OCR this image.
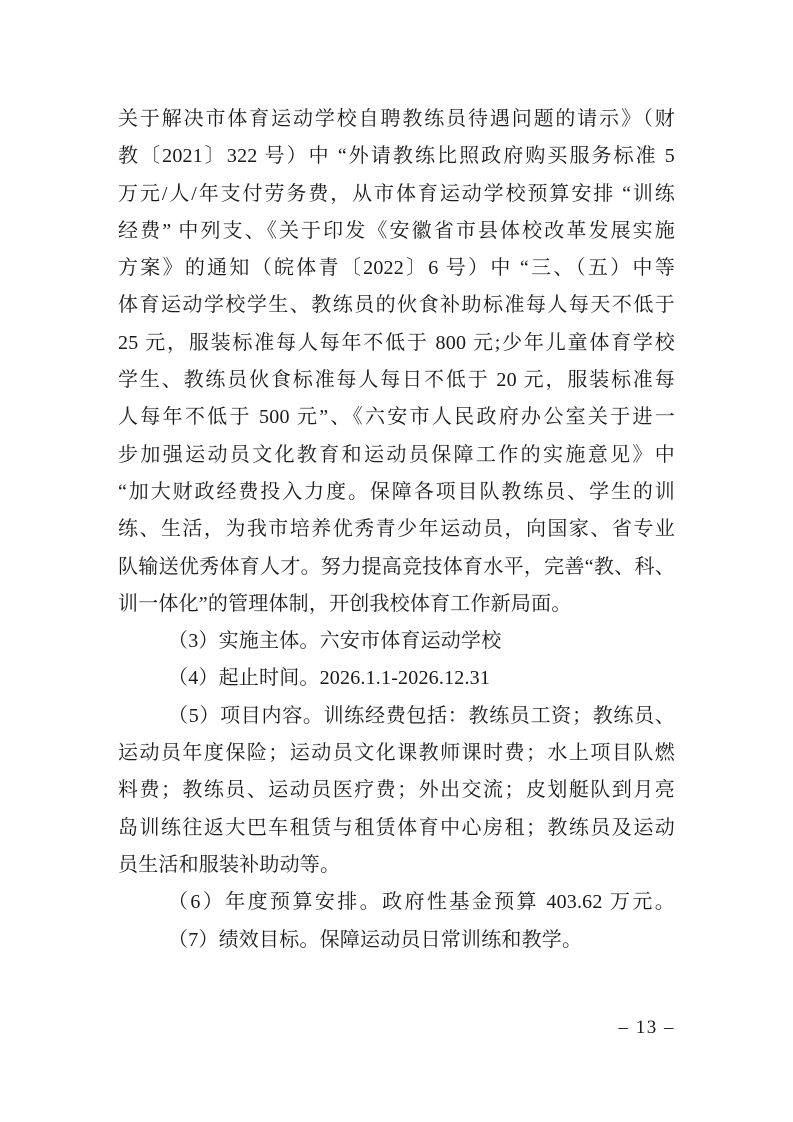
关于解决市体育运动学校自聘教练员待遇问题的请示》（财
教〔2021〕322 号）中 “外请教练比照政府购买服务标准 5
万元/人/年支付劳务费，从市体育运动学校预算安排 “训练
经费” 中列支、《关于印发《安徽省市县体校改革发展实施
方案》的通知（皖体青〔2022〕6 号）中 “三、（五）中等
体育运动学校学生、教练员的伙食补助标准每人每天不低于
25 元，服装标准每人每年不低于 800 元;少年儿童体育学校
学生、教练员伙食标准每人每日不低于 20 元，服装标准每
人每年不低于 500 元”、《六安市人民政府办公室关于进一
步加强运动员文化教育和运动员保障工作的实施意见》中
“加大财政经费投入力度。保障各项目队教练员、学生的训
练、生活，为我市培养优秀青少年运动员，向国家、省专业
队输送优秀体育人才。努力提高竞技体育水平，完善“教、科、
训一体化”的管理体制，开创我校体育工作新局面。
（3）实施主体。六安市体育运动学校
（4）起止时间。2026.1.1-2026.12.31
（5）项目内容。训练经费包括：教练员工资；教练员、
运动员年度保险；运动员文化课教师课时费；水上项目队燃
料费；教练员、运动员医疗费；外出交流；皮划艇队到月亮
岛训练往返大巴车租赁与租赁体育中心房租；教练员及运动
员生活和服装补助动等。
（6）年度预算安排。政府性基金预算 403.62 万元。
（7）绩效目标。保障运动员日常训练和教学。
– 13 –
